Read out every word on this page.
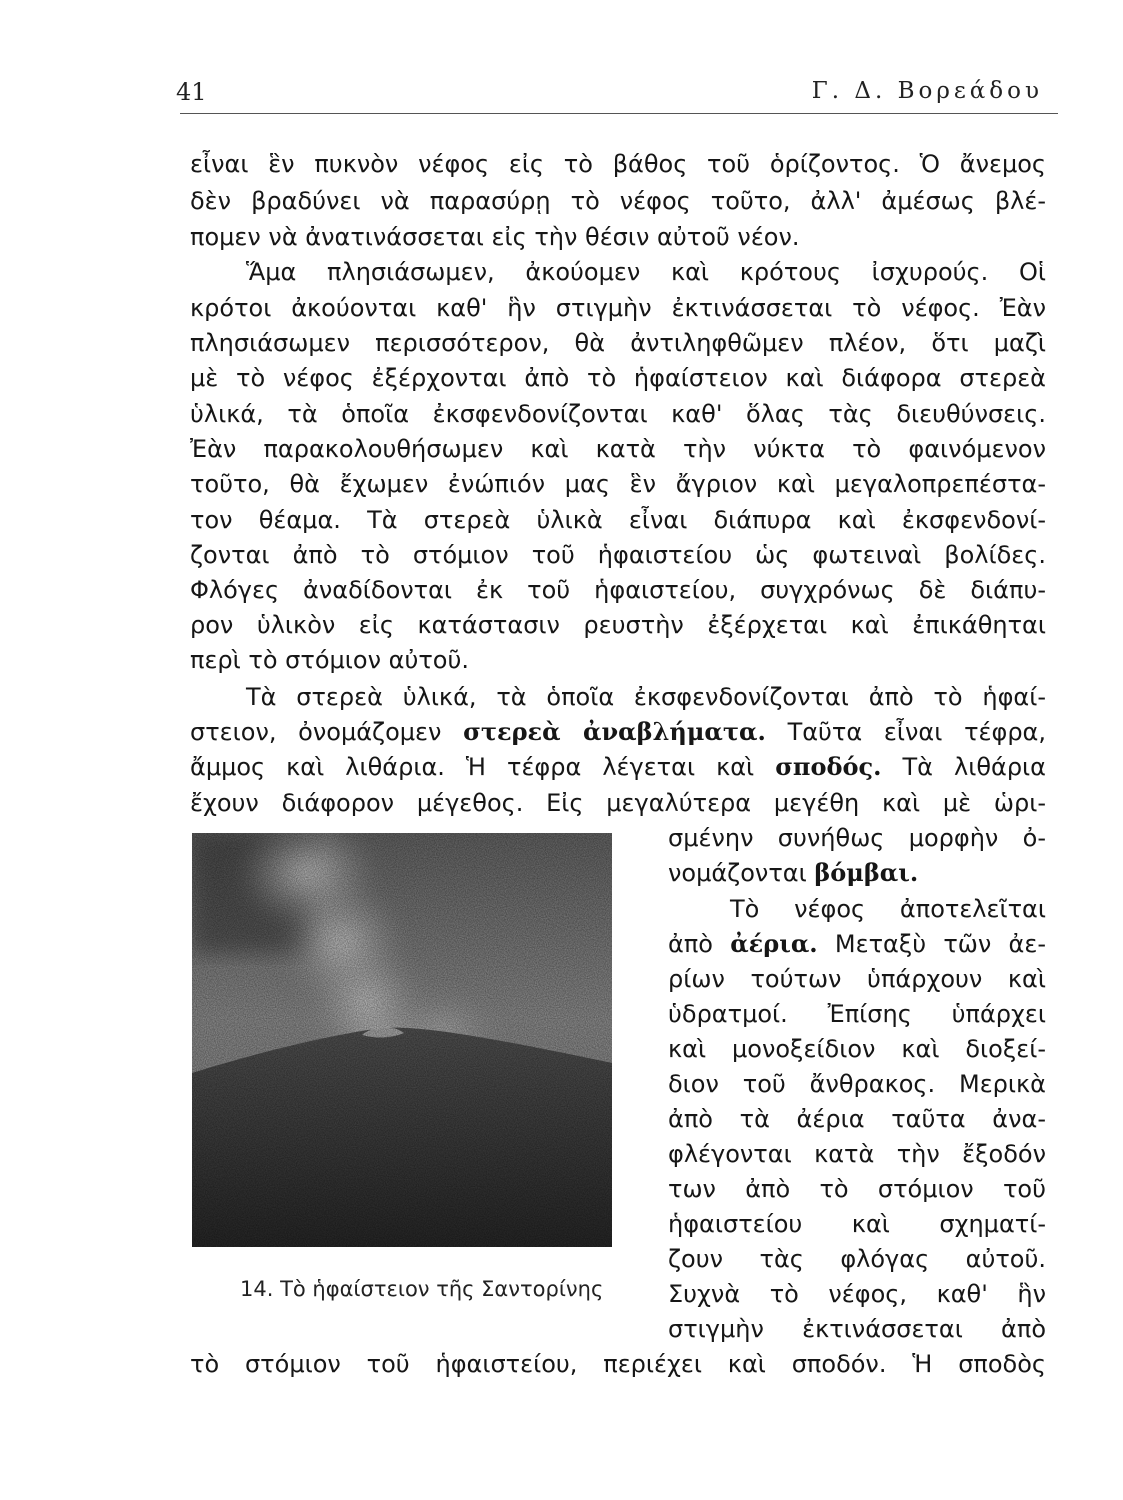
41	Γ. Δ. Βορεάδου
εἶναι ἓν πυκνὸν νέφος εἰς τὸ βάθος τοῦ ὁρίζοντος. Ὁ ἄνεμος
δὲν βραδύνει νὰ παρασύρῃ τὸ νέφος τοῦτο, ἀλλ' ἀμέσως βλέ-
πομεν νὰ ἀνατινάσσεται εἰς τὴν θέσιν αὐτοῦ νέον.
Ἅμα πλησιάσωμεν, ἀκούομεν καὶ κρότους ἰσχυρούς. Οἱ
κρότοι ἀκούονται καθ' ἣν στιγμὴν ἐκτινάσσεται τὸ νέφος. Ἐὰν
πλησιάσωμεν περισσότερον, θὰ ἀντιληφθῶμεν πλέον, ὅτι μαζὶ
μὲ τὸ νέφος ἐξέρχονται ἀπὸ τὸ ἡφαίστειον καὶ διάφορα στερεὰ
ὑλικά, τὰ ὁποῖα ἐκσφενδονίζονται καθ' ὅλας τὰς διευθύνσεις.
Ἐὰν παρακολουθήσωμεν καὶ κατὰ τὴν νύκτα τὸ φαινόμενον
τοῦτο, θὰ ἔχωμεν ἐνώπιόν μας ἓν ἄγριον καὶ μεγαλοπρεπέστα-
τον θέαμα. Τὰ στερεὰ ὑλικὰ εἶναι διάπυρα καὶ ἐκσφενδονί-
ζονται ἀπὸ τὸ στόμιον τοῦ ἡφαιστείου ὡς φωτειναὶ βολίδες.
Φλόγες ἀναδίδονται ἐκ τοῦ ἡφαιστείου, συγχρόνως δὲ διάπυ-
ρον ὑλικὸν εἰς κατάστασιν ρευστὴν ἐξέρχεται καὶ ἐπικάθηται
περὶ τὸ στόμιον αὐτοῦ.
Τὰ στερεὰ ὑλικά, τὰ ὁποῖα ἐκσφενδονίζονται ἀπὸ τὸ ἡφαί-
στειον, ὀνομάζομεν στερεὰ ἀναβλήματα. Ταῦτα εἶναι τέφρα,
ἄμμος καὶ λιθάρια. Ἡ τέφρα λέγεται καὶ σποδός. Τὰ λιθάρια
ἔχουν διάφορον μέγεθος. Εἰς μεγαλύτερα μεγέθη καὶ μὲ ὡρι-
σμένην συνήθως μορφὴν ὀ-
νομάζονται βόμβαι.
Τὸ νέφος ἀποτελεῖται
ἀπὸ ἀέρια. Μεταξὺ τῶν ἀε-
ρίων τούτων ὑπάρχουν καὶ
ὑδρατμοί. Ἐπίσης ὑπάρχει
καὶ μονοξείδιον καὶ διοξεί-
διον τοῦ ἄνθρακος. Μερικὰ
ἀπὸ τὰ ἀέρια ταῦτα ἀνα-
φλέγονται κατὰ τὴν ἔξοδόν
των ἀπὸ τὸ στόμιον τοῦ
ἡφαιστείου καὶ σχηματί-
ζουν τὰς φλόγας αὐτοῦ.
Συχνὰ τὸ νέφος, καθ' ἣν
στιγμὴν ἐκτινάσσεται ἀπὸ
τὸ στόμιον τοῦ ἡφαιστείου, περιέχει καὶ σποδόν. Ἡ σποδὸς
14. Τὸ ἡφαίστειον τῆς Σαντορίνης
